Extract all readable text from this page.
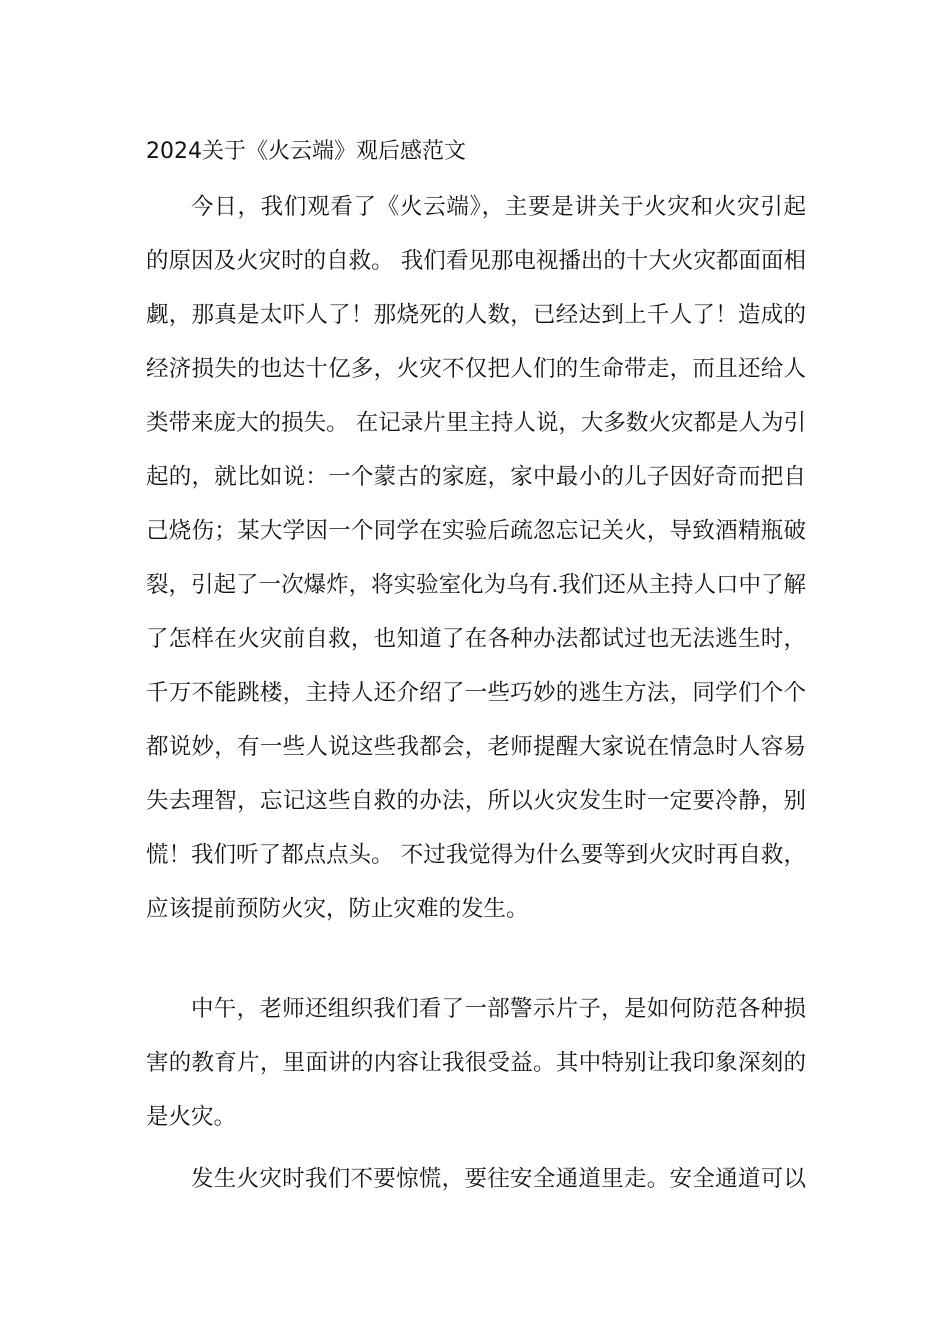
2024关于《火云端》观后感范文
今日，我们观看了《火云端》，主要是讲关于火灾和火灾引起
的原因及火灾时的自救。 我们看见那电视播出的十大火灾都面面相
觑，那真是太吓人了！那烧死的人数，已经达到上千人了！造成的
经济损失的也达十亿多，火灾不仅把人们的生命带走，而且还给人
类带来庞大的损失。 在记录片里主持人说，大多数火灾都是人为引
起的，就比如说：一个蒙古的家庭，家中最小的儿子因好奇而把自
己烧伤；某大学因一个同学在实验后疏忽忘记关火，导致酒精瓶破
裂，引起了一次爆炸，将实验室化为乌有.我们还从主持人口中了解
了怎样在火灾前自救，也知道了在各种办法都试过也无法逃生时，
千万不能跳楼，主持人还介绍了一些巧妙的逃生方法，同学们个个
都说妙，有一些人说这些我都会，老师提醒大家说在情急时人容易
失去理智，忘记这些自救的办法，所以火灾发生时一定要冷静，别
慌！我们听了都点点头。 不过我觉得为什么要等到火灾时再自救，
应该提前预防火灾，防止灾难的发生。
中午，老师还组织我们看了一部警示片子，是如何防范各种损
害的教育片，里面讲的内容让我很受益。其中特别让我印象深刻的
是火灾。
发生火灾时我们不要惊慌，要往安全通道里走。安全通道可以
